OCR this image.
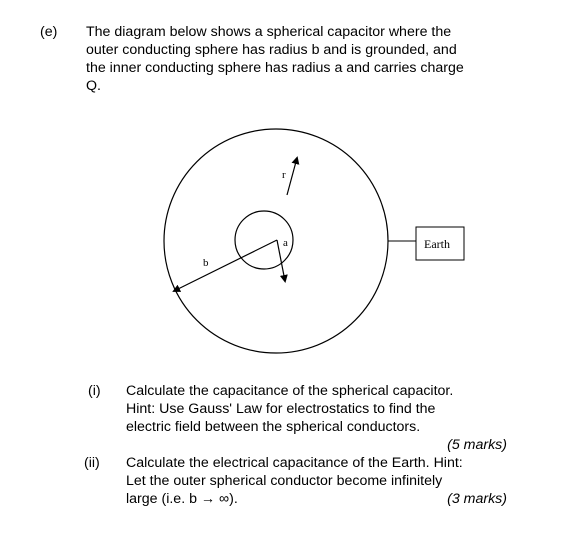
(e) The diagram below shows a spherical capacitor where the
outer conducting sphere has radius b and is grounded, and
the inner conducting sphere has radius a and carries charge
Q.
r
a
b
Earth
(i) Calculate the capacitance of the spherical capacitor.
Hint: Use Gauss' Law for electrostatics to find the
electric field between the spherical conductors.
(5 marks)
(ii) Calculate the electrical capacitance of the Earth. Hint:
Let the outer spherical conductor become infinitely
large (i.e. b → ∞).	(3 marks)
